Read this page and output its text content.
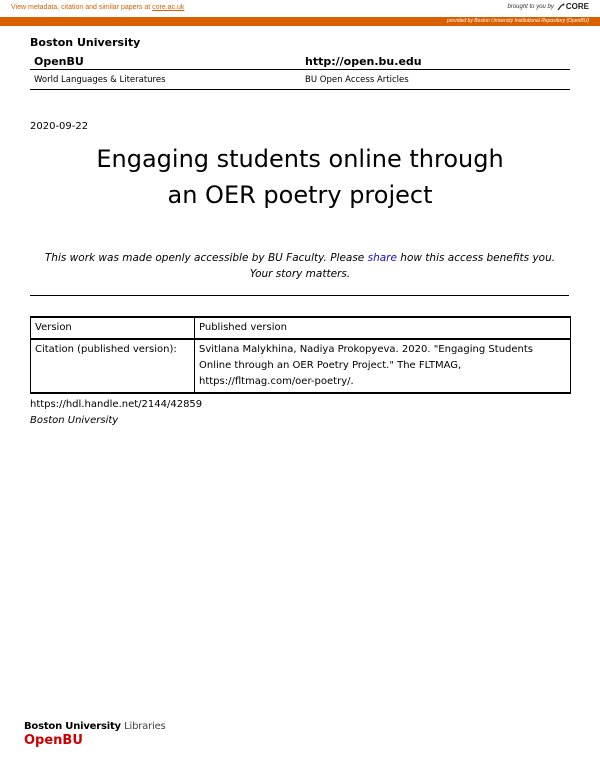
View metadata, citation and similar papers at core.ac.uk	brought to you by CORE
provided by Boston University Institutional Repository (OpenBU)
Boston University
OpenBU	http://open.bu.edu
World Languages & Literatures	BU Open Access Articles
2020-09-22
Engaging students online through
an OER poetry project
This work was made openly accessible by BU Faculty. Please share how this access benefits you.
Your story matters.
Version	Published version
Citation (published version):	Svitlana Malykhina, Nadiya Prokopyeva. 2020. "Engaging Students Online through an OER Poetry Project." The FLTMAG, https://fltmag.com/oer-poetry/.
https://hdl.handle.net/2144/42859
Boston University
Boston University Libraries
OpenBU
